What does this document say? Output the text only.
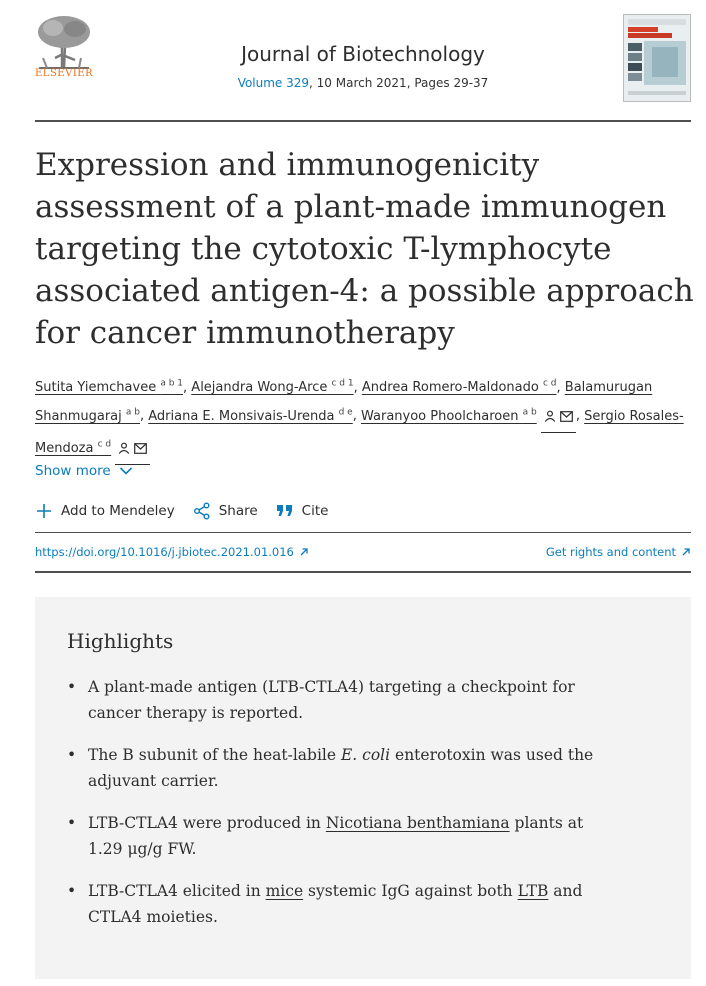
ELSEVIER
Journal of Biotechnology
Volume 329, 10 March 2021, Pages 29-37
Expression and immunogenicity assessment of a plant-made immunogen targeting the cytotoxic T-lymphocyte associated antigen-4: a possible approach for cancer immunotherapy
Sutita Yiemchavee $^{a b 1}$, Alejandra Wong-Arce $^{c d 1}$, Andrea Romero-Maldonado $^{c d}$, Balamurugan Shanmugaraj $^{a b}$, Adriana E. Monsivais-Urenda $^{d e}$, Waranyoo Phoolcharoen $^{a b}$	, Sergio Rosales-Mendoza $^{c d}$
Show more
Add to Mendeley	Share	Cite
https://doi.org/10.1016/j.jbiotec.2021.01.016	Get rights and content
Highlights
• A plant-made antigen (LTB-CTLA4) targeting a checkpoint for cancer therapy is reported.
• The B subunit of the heat-labile E. coli enterotoxin was used the adjuvant carrier.
• LTB-CTLA4 were produced in Nicotiana benthamiana plants at 1.29 μg/g FW.
• LTB-CTLA4 elicited in mice systemic IgG against both LTB and CTLA4 moieties.
